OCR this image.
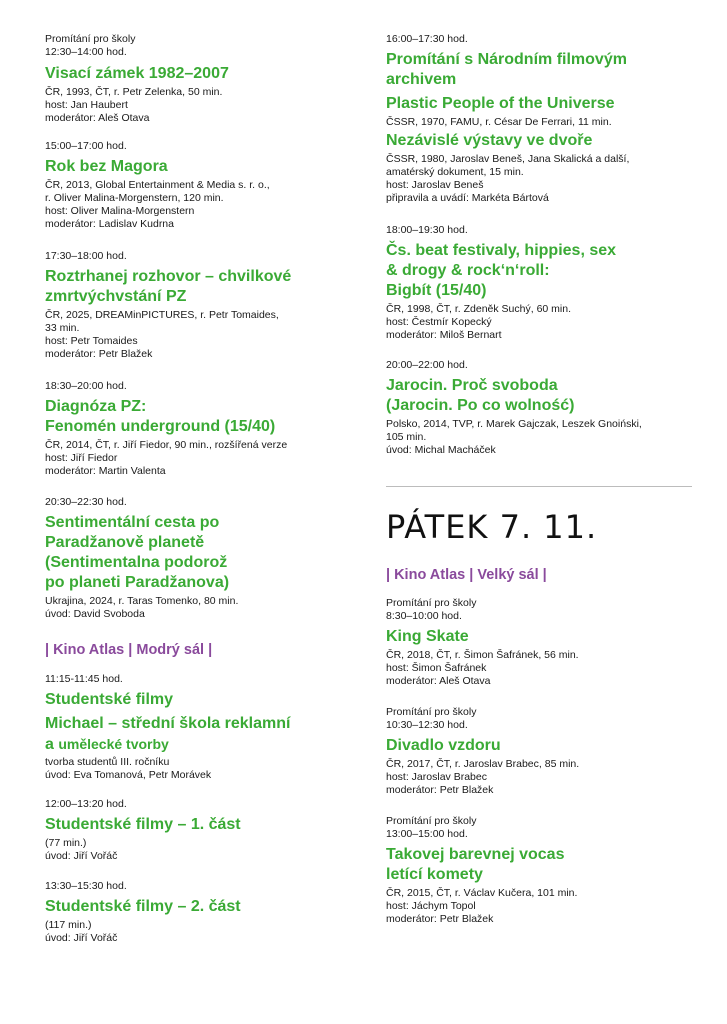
Promítání pro školy

12:30–14:00 hod.

Visací zámek 1982–2007

ČR, 1993, ČT, r. Petr Zelenka, 50 min.

host: Jan Haubert

moderátor: Aleš Otava

15:00–17:00 hod.

Rok bez Magora

ČR, 2013, Global Entertainment & Media s. r. o.,

r. Oliver Malina-Morgenstern, 120 min.

host: Oliver Malina-Morgenstern

moderátor: Ladislav Kudrna

17:30–18:00 hod.

Roztrhanej rozhovor – chvilkové

zmrtvýchvstání PZ

ČR, 2025, DREAMinPICTURES, r. Petr Tomaides,

33 min.

host: Petr Tomaides

moderátor: Petr Blažek

18:30–20:00 hod.

Diagnóza PZ:

Fenomén underground (15/40)

ČR, 2014, ČT, r. Jiří Fiedor, 90 min., rozšířená verze

host: Jiří Fiedor

moderátor: Martin Valenta

20:30–22:30 hod.

Sentimentální cesta po

Paradžanově planetě

(Sentimentalna podorož

po planeti Paradžanova)

Ukrajina, 2024, r. Taras Tomenko, 80 min.

úvod: David Svoboda

| Kino Atlas | Modrý sál |

11:15-11:45 hod.

Studentské filmy

Michael – střední škola reklamní

a umělecké tvorby

tvorba studentů III. ročníku

úvod: Eva Tomanová, Petr Morávek

12:00–13:20 hod.

Studentské filmy – 1. část

(77 min.)

úvod: Jiří Vořáč

13:30–15:30 hod.

Studentské filmy – 2. část

(117 min.)

úvod: Jiří Vořáč

16:00–17:30 hod.

Promítání s Národním filmovým

archivem

Plastic People of the Universe

ČSSR, 1970, FAMU, r. César De Ferrari, 11 min.

Nezávislé výstavy ve dvoře

ČSSR, 1980, Jaroslav Beneš, Jana Skalická a další,

amatérský dokument, 15 min.

host: Jaroslav Beneš

připravila a uvádí: Markéta Bártová

18:00–19:30 hod.

Čs. beat festivaly, hippies, sex

& drogy & rock‘n‘roll:

Bigbít (15/40)

ČR, 1998, ČT, r. Zdeněk Suchý, 60 min.

host: Čestmír Kopecký

moderátor: Miloš Bernart

20:00–22:00 hod.

Jarocin. Proč svoboda

(Jarocin. Po co wolność)

Polsko, 2014, TVP, r. Marek Gajczak, Leszek Gnoiński,

105 min.

úvod: Michal Macháček

PÁTEK 7. 11.

| Kino Atlas | Velký sál |

Promítání pro školy

8:30–10:00 hod.

King Skate

ČR, 2018, ČT, r. Šimon Šafránek, 56 min.

host: Šimon Šafránek

moderátor: Aleš Otava

Promítání pro školy

10:30–12:30 hod.

Divadlo vzdoru

ČR, 2017, ČT, r. Jaroslav Brabec, 85 min.

host: Jaroslav Brabec

moderátor: Petr Blažek

Promítání pro školy

13:00–15:00 hod.

Takovej barevnej vocas

letící komety

ČR, 2015, ČT, r. Václav Kučera, 101 min.

host: Jáchym Topol

moderátor: Petr Blažek
